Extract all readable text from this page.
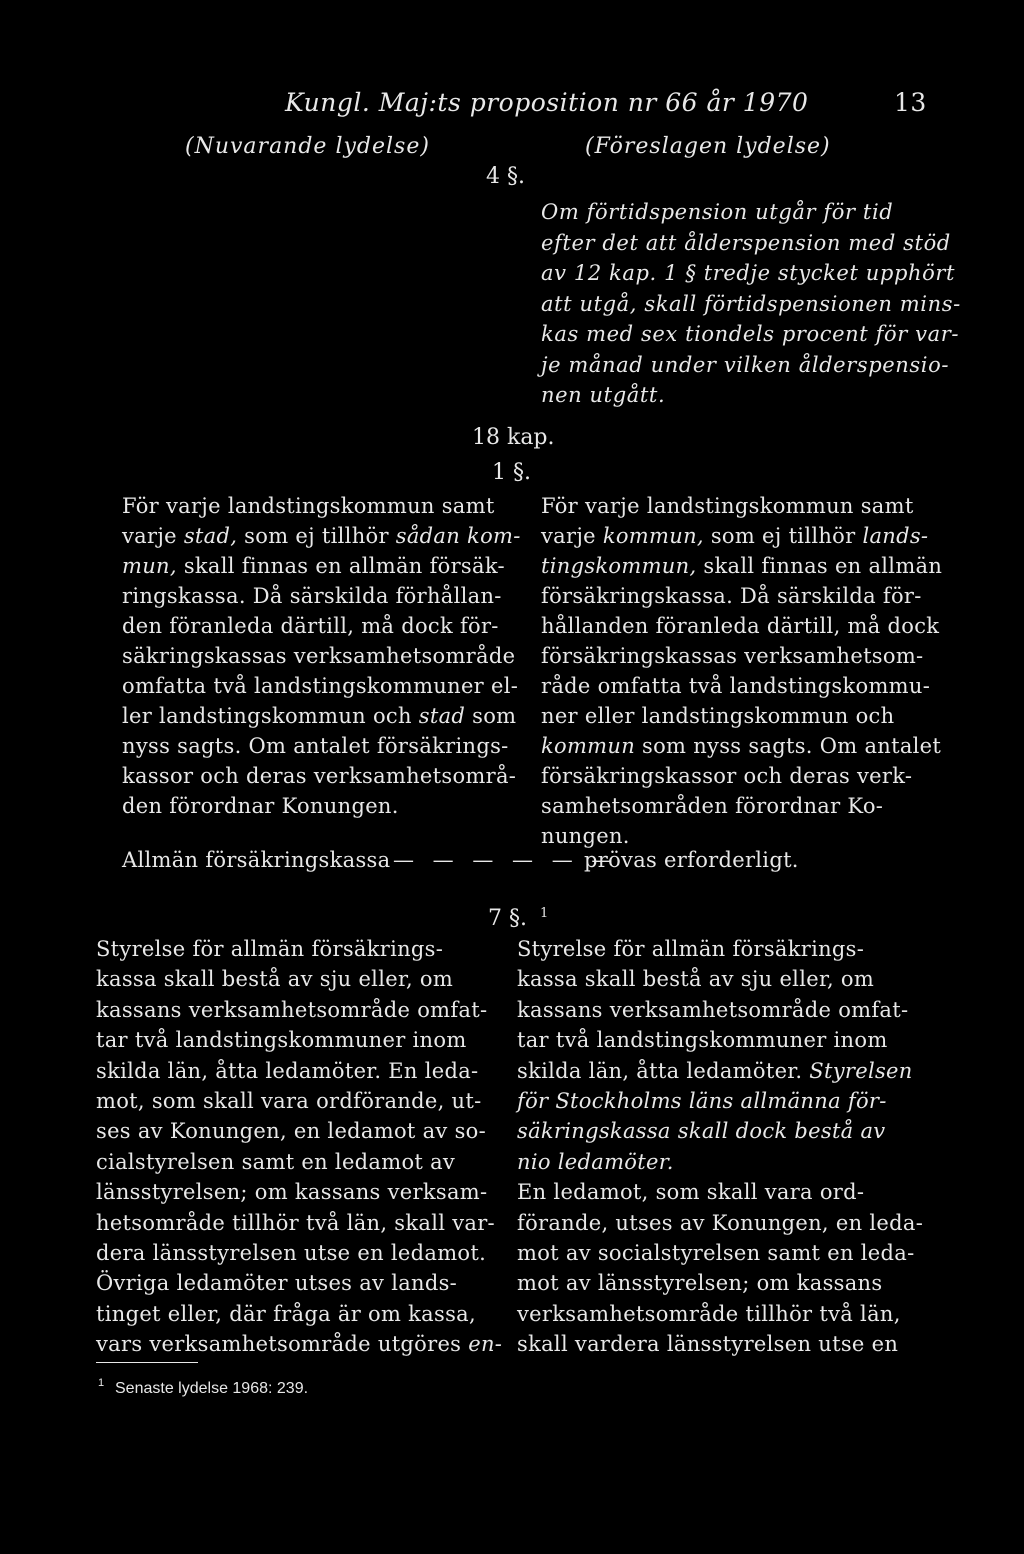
Kungl. Maj:ts proposition nr 66 år 1970	13
(Nuvarande lydelse)	(Föreslagen lydelse)
4 §.
Om förtidspension utgår för tid
efter det att ålderspension med stöd
av 12 kap. 1 § tredje stycket upphört
att utgå, skall förtidspensionen mins-
kas med sex tiondels procent för var-
je månad under vilken ålderspensio-
nen utgått.
18 kap.
1 §.
För varje landstingskommun samt
varje stad, som ej tillhör sådan kom-
mun, skall finnas en allmän försäk-
ringskassa. Då särskilda förhållan-
den föranleda därtill, må dock för-
säkringskassas verksamhetsområde
omfatta två landstingskommuner el-
ler landstingskommun och stad som
nyss sagts. Om antalet försäkrings-
kassor och deras verksamhetsområ-
den förordnar Konungen.
För varje landstingskommun samt
varje kommun, som ej tillhör lands-
tingskommun, skall finnas en allmän
försäkringskassa. Då särskilda för-
hållanden föranleda därtill, må dock
försäkringskassas verksamhetsom-
råde omfatta två landstingskommu-
ner eller landstingskommun och
kommun som nyss sagts. Om antalet
försäkringskassor och deras verk-
samhetsområden förordnar Ko-
nungen.
Allmän försäkringskassa — — — — — —
prövas erforderligt.
7 §. 1
Styrelse för allmän försäkrings-
kassa skall bestå av sju eller, om
kassans verksamhetsområde omfat-
tar två landstingskommuner inom
skilda län, åtta ledamöter. En leda-
mot, som skall vara ordförande, ut-
ses av Konungen, en ledamot av so-
cialstyrelsen samt en ledamot av
länsstyrelsen; om kassans verksam-
hetsområde tillhör två län, skall var-
dera länsstyrelsen utse en ledamot.
Övriga ledamöter utses av lands-
tinget eller, där fråga är om kassa,
vars verksamhetsområde utgöres en-
Styrelse för allmän försäkrings-
kassa skall bestå av sju eller, om
kassans verksamhetsområde omfat-
tar två landstingskommuner inom
skilda län, åtta ledamöter. Styrelsen
för Stockholms läns allmänna för-
säkringskassa skall dock bestå av
nio ledamöter.
En ledamot, som skall vara ord-
förande, utses av Konungen, en leda-
mot av socialstyrelsen samt en leda-
mot av länsstyrelsen; om kassans
verksamhetsområde tillhör två län,
skall vardera länsstyrelsen utse en
1 Senaste lydelse 1968: 239.
